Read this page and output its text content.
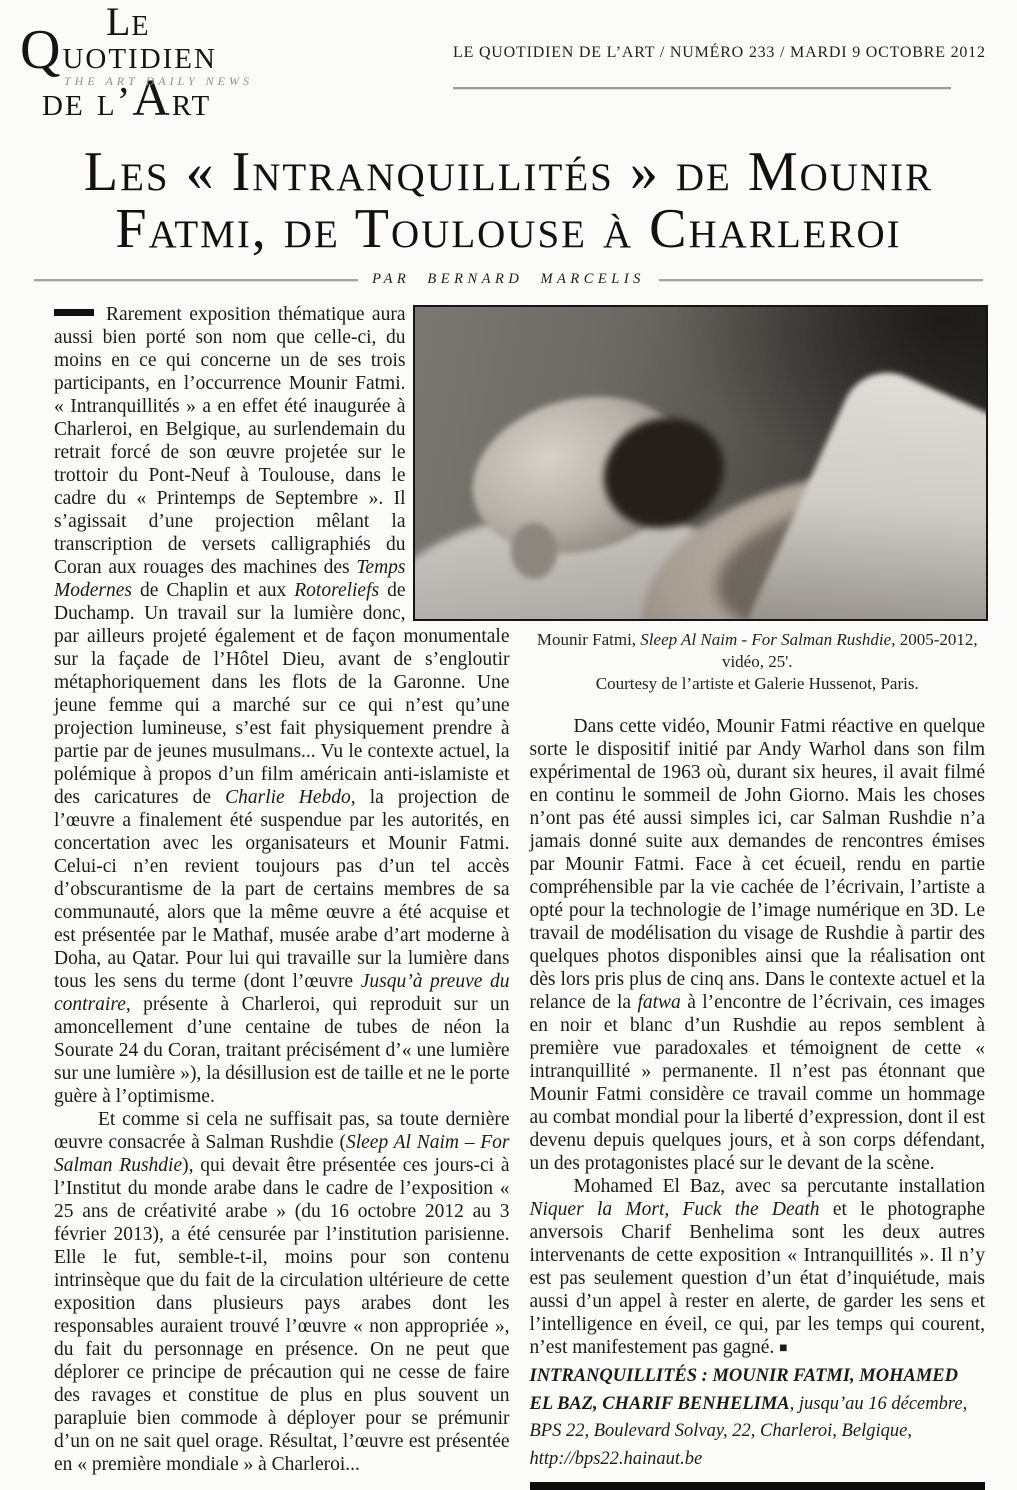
Le
Quotidien
THE ART DAILY NEWS
de l’Art
LE QUOTIDIEN DE L’ART / NUMÉRO 233 / MARDI 9 OCTOBRE 2012
Les « Intranquillités » de Mounir
Fatmi, de Toulouse à Charleroi
PAR BERNARD MARCELIS

Rarement exposition thématique aura aussi bien porté son nom que celle-ci, du moins en ce qui concerne un de ses trois participants, en l’occurrence Mounir Fatmi. « Intranquillités » a en effet été inaugurée à Charleroi, en Belgique, au surlendemain du retrait forcé de son œuvre projetée sur le trottoir du Pont-Neuf à Toulouse, dans le cadre du « Printemps de Septembre ». Il s’agissait d’une projection mêlant la transcription de versets calligraphiés du Coran aux rouages des machines des Temps Modernes de Chaplin et aux Rotoreliefs de Duchamp. Un travail sur la lumière donc, par ailleurs projeté également et de façon monumentale sur la façade de l’Hôtel Dieu, avant de s’engloutir métaphoriquement dans les flots de la Garonne. Une jeune femme qui a marché sur ce qui n’est qu’une projection lumineuse, s’est fait physiquement prendre à partie par de jeunes musulmans... Vu le contexte actuel, la polémique à propos d’un film américain anti-islamiste et des caricatures de Charlie Hebdo, la projection de l’œuvre a finalement été suspendue par les autorités, en concertation avec les organisateurs et Mounir Fatmi. Celui-ci n’en revient toujours pas d’un tel accès d’obscurantisme de la part de certains membres de sa communauté, alors que la même œuvre a été acquise et est présentée par le Mathaf, musée arabe d’art moderne à Doha, au Qatar. Pour lui qui travaille sur la lumière dans tous les sens du terme (dont l’œuvre Jusqu’à preuve du contraire, présente à Charleroi, qui reproduit sur un amoncellement d’une centaine de tubes de néon la Sourate 24 du Coran, traitant précisément d’« une lumière sur une lumière »), la désillusion est de taille et ne le porte guère à l’optimisme.

Et comme si cela ne suffisait pas, sa toute dernière œuvre consacrée à Salman Rushdie (Sleep Al Naim – For Salman Rushdie), qui devait être présentée ces jours-ci à l’Institut du monde arabe dans le cadre de l’exposition « 25 ans de créativité arabe » (du 16 octobre 2012 au 3 février 2013), a été censurée par l’institution parisienne. Elle le fut, semble-t-il, moins pour son contenu intrinsèque que du fait de la circulation ultérieure de cette exposition dans plusieurs pays arabes dont les responsables auraient trouvé l’œuvre « non appropriée », du fait du personnage en présence. On ne peut que déplorer ce principe de précaution qui ne cesse de faire des ravages et constitue de plus en plus souvent un parapluie bien commode à déployer pour se prémunir d’un on ne sait quel orage. Résultat, l’œuvre est présentée en « première mondiale » à Charleroi...

Mounir Fatmi, Sleep Al Naim - For Salman Rushdie, 2005-2012, vidéo, 25'.
Courtesy de l’artiste et Galerie Hussenot, Paris.

Dans cette vidéo, Mounir Fatmi réactive en quelque sorte le dispositif initié par Andy Warhol dans son film expérimental de 1963 où, durant six heures, il avait filmé en continu le sommeil de John Giorno. Mais les choses n’ont pas été aussi simples ici, car Salman Rushdie n’a jamais donné suite aux demandes de rencontres émises par Mounir Fatmi. Face à cet écueil, rendu en partie compréhensible par la vie cachée de l’écrivain, l’artiste a opté pour la technologie de l’image numérique en 3D. Le travail de modélisation du visage de Rushdie à partir des quelques photos disponibles ainsi que la réalisation ont dès lors pris plus de cinq ans. Dans le contexte actuel et la relance de la fatwa à l’encontre de l’écrivain, ces images en noir et blanc d’un Rushdie au repos semblent à première vue paradoxales et témoignent de cette « intranquillité » permanente. Il n’est pas étonnant que Mounir Fatmi considère ce travail comme un hommage au combat mondial pour la liberté d’expression, dont il est devenu depuis quelques jours, et à son corps défendant, un des protagonistes placé sur le devant de la scène.

Mohamed El Baz, avec sa percutante installation Niquer la Mort, Fuck the Death et le photographe anversois Charif Benhelima sont les deux autres intervenants de cette exposition « Intranquillités ». Il n’y est pas seulement question d’un état d’inquiétude, mais aussi d’un appel à rester en alerte, de garder les sens et l’intelligence en éveil, ce qui, par les temps qui courent, n’est manifestement pas gagné. ■

INTRANQUILLITÉS : MOUNIR FATMI, MOHAMED EL BAZ, CHARIF BENHELIMA, jusqu’au 16 décembre, BPS 22, Boulevard Solvay, 22, Charleroi, Belgique, http://bps22.hainaut.be
